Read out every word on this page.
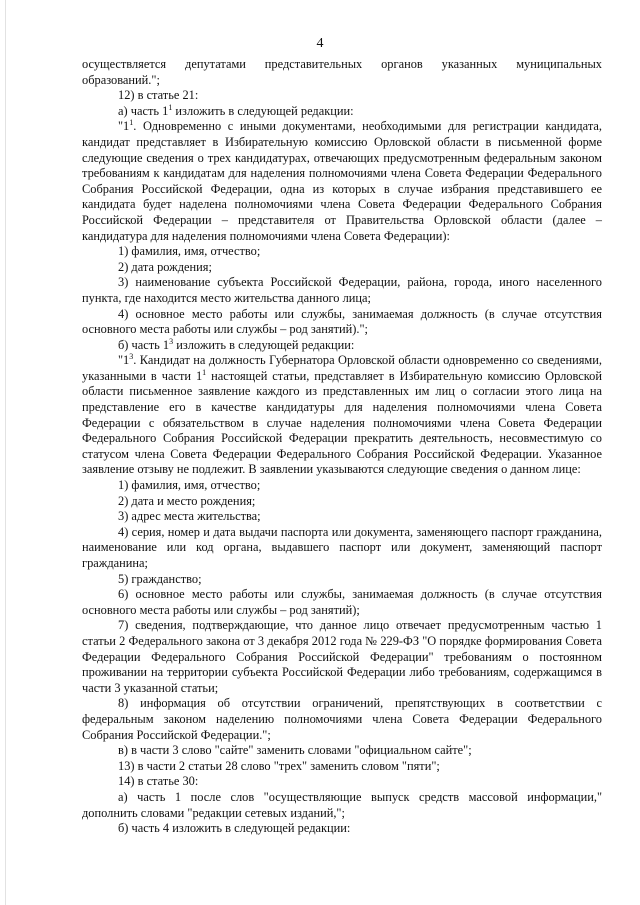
4

осуществляется депутатами представительных органов указанных муниципальных образований.";

12) в статье 21:

а) часть $1^1$ изложить в следующей редакции:

"$1^1$. Одновременно с иными документами, необходимыми для регистрации кандидата, кандидат представляет в Избирательную комиссию Орловской области в письменной форме следующие сведения о трех кандидатурах, отвечающих предусмотренным федеральным законом требованиям к кандидатам для наделения полномочиями члена Совета Федерации Федерального Собрания Российской Федерации, одна из которых в случае избрания представившего ее кандидата будет наделена полномочиями члена Совета Федерации Федерального Собрания Российской Федерации – представителя от Правительства Орловской области (далее – кандидатура для наделения полномочиями члена Совета Федерации):

1) фамилия, имя, отчество;

2) дата рождения;

3) наименование субъекта Российской Федерации, района, города, иного населенного пункта, где находится место жительства данного лица;

4) основное место работы или службы, занимаемая должность (в случае отсутствия основного места работы или службы – род занятий).";

б) часть $1^3$ изложить в следующей редакции:

"$1^3$. Кандидат на должность Губернатора Орловской области одновременно со сведениями, указанными в части $1^1$ настоящей статьи, представляет в Избирательную комиссию Орловской области письменное заявление каждого из представленных им лиц о согласии этого лица на представление его в качестве кандидатуры для наделения полномочиями члена Совета Федерации с обязательством в случае наделения полномочиями члена Совета Федерации Федерального Собрания Российской Федерации прекратить деятельность, несовместимую со статусом члена Совета Федерации Федерального Собрания Российской Федерации. Указанное заявление отзыву не подлежит. В заявлении указываются следующие сведения о данном лице:

1) фамилия, имя, отчество;

2) дата и место рождения;

3) адрес места жительства;

4) серия, номер и дата выдачи паспорта или документа, заменяющего паспорт гражданина, наименование или код органа, выдавшего паспорт или документ, заменяющий паспорт гражданина;

5) гражданство;

6) основное место работы или службы, занимаемая должность (в случае отсутствия основного места работы или службы – род занятий);

7) сведения, подтверждающие, что данное лицо отвечает предусмотренным частью 1 статьи 2 Федерального закона от 3 декабря 2012 года № 229-ФЗ "О порядке формирования Совета Федерации Федерального Собрания Российской Федерации" требованиям о постоянном проживании на территории субъекта Российской Федерации либо требованиям, содержащимся в части 3 указанной статьи;

8) информация об отсутствии ограничений, препятствующих в соответствии с федеральным законом наделению полномочиями члена Совета Федерации Федерального Собрания Российской Федерации.";

в) в части 3 слово "сайте" заменить словами "официальном сайте";

13) в части 2 статьи 28 слово "трех" заменить словом "пяти";

14) в статье 30:

а) часть 1 после слов "осуществляющие выпуск средств массовой информации," дополнить словами "редакции сетевых изданий,";

б) часть 4 изложить в следующей редакции:
